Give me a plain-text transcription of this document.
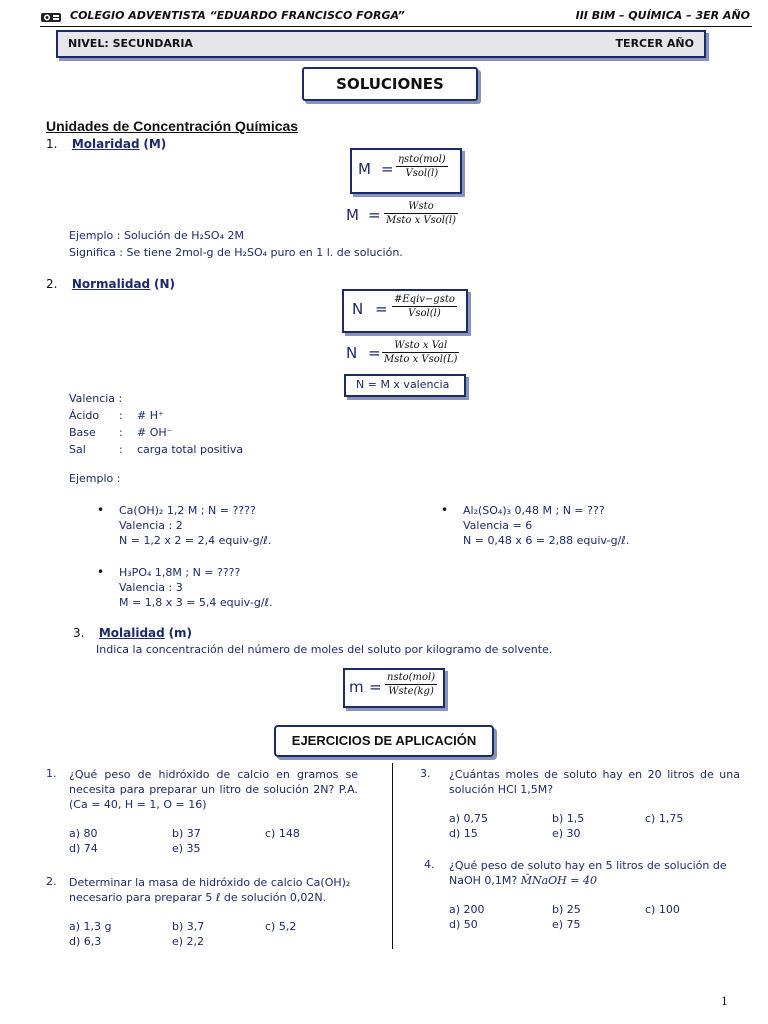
COLEGIO ADVENTISTA “EDUARDO FRANCISCO FORGA”	III BIM – QUÍMICA – 3ER AÑO
NIVEL: SECUNDARIA	TERCER AÑO
SOLUCIONES
Unidades de Concentración Químicas
1. Molaridad (M)
M =
ηsto(mol)
Vsol(l)
M =	Wsto
M̄sto x Vsol(l)
Ejemplo : Solución de H₂SO₄ 2M
Significa : Se tiene 2mol-g de H₂SO₄ puro en 1 l. de solución.
2. Normalidad (N)
N =
#Eqiv−gsto
Vsol(l)
N =	Wsto x Val
M̄sto x Vsol(L)
N = M x valencia
Valencia :
Ácido : # H⁺
Base : # OH⁻
Sal	: carga total positiva
Ejemplo :
• Ca(OH)₂ 1,2 M ; N = ????
Valencia : 2
N = 1,2 x 2 = 2,4 equiv-g/ℓ.
• Al₂(SO₄)₃ 0,48 M ; N = ???
Valencia = 6
N = 0,48 x 6 = 2,88 equiv-g/ℓ.
• H₃PO₄ 1,8M ; N = ????
Valencia : 3
M = 1,8 x 3 = 5,4 equiv-g/ℓ.
3. Molalidad (m)
Indica la concentración del número de moles del soluto por kilogramo de solvente.
m =
nsto(mol)
Wste(kg)
EJERCICIOS DE APLICACIÓN
1. ¿Qué peso de hidróxido de calcio en gramos se necesita para preparar un litro de solución 2N? P.A.(Ca = 40, H = 1, O = 16)
a) 80	b) 37	c) 148
d) 74	e) 35
2. Determinar la masa de hidróxido de calcio Ca(OH)₂ necesario para preparar 5 ℓ de solución 0,02N.
a) 1,3 g	b) 3,7	c) 5,2
d) 6,3	e) 2,2
3. ¿Cuántas moles de soluto hay en 20 litros de una solución HCl 1,5M?
a) 0,75	b) 1,5	c) 1,75
d) 15	e) 30
4. ¿Qué peso de soluto hay en 5 litros de solución de NaOH 0,1M? M̄NaOH = 40
a) 200	b) 25	c) 100
d) 50	e) 75
1
